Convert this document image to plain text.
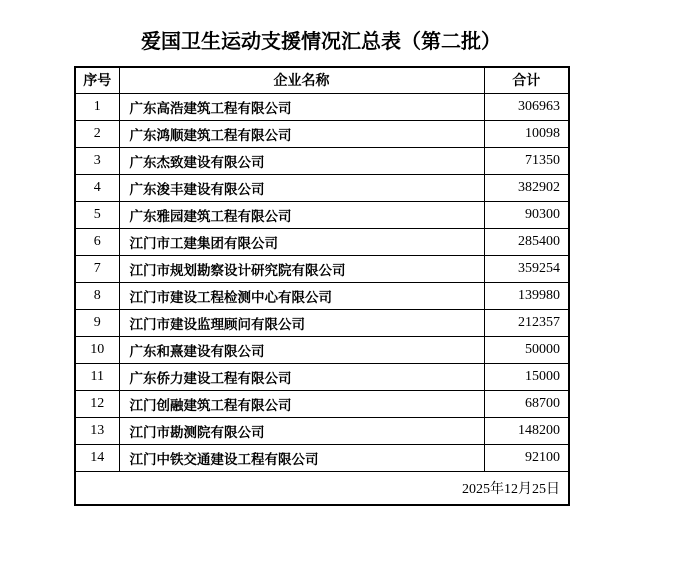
爱国卫生运动支援情况汇总表（第二批）
序号	企业名称	合计
1	广东高浩建筑工程有限公司	306963
2	广东鸿顺建筑工程有限公司	10098
3	广东杰致建设有限公司	71350
4	广东浚丰建设有限公司	382902
5	广东雅园建筑工程有限公司	90300
6	江门市工建集团有限公司	285400
7	江门市规划勘察设计研究院有限公司	359254
8	江门市建设工程检测中心有限公司	139980
9	江门市建设监理顾问有限公司	212357
10	广东和熹建设有限公司	50000
11	广东侨力建设工程有限公司	15000
12	江门创融建筑工程有限公司	68700
13	江门市勘测院有限公司	148200
14	江门中铁交通建设工程有限公司	92100
2025年12月25日		
